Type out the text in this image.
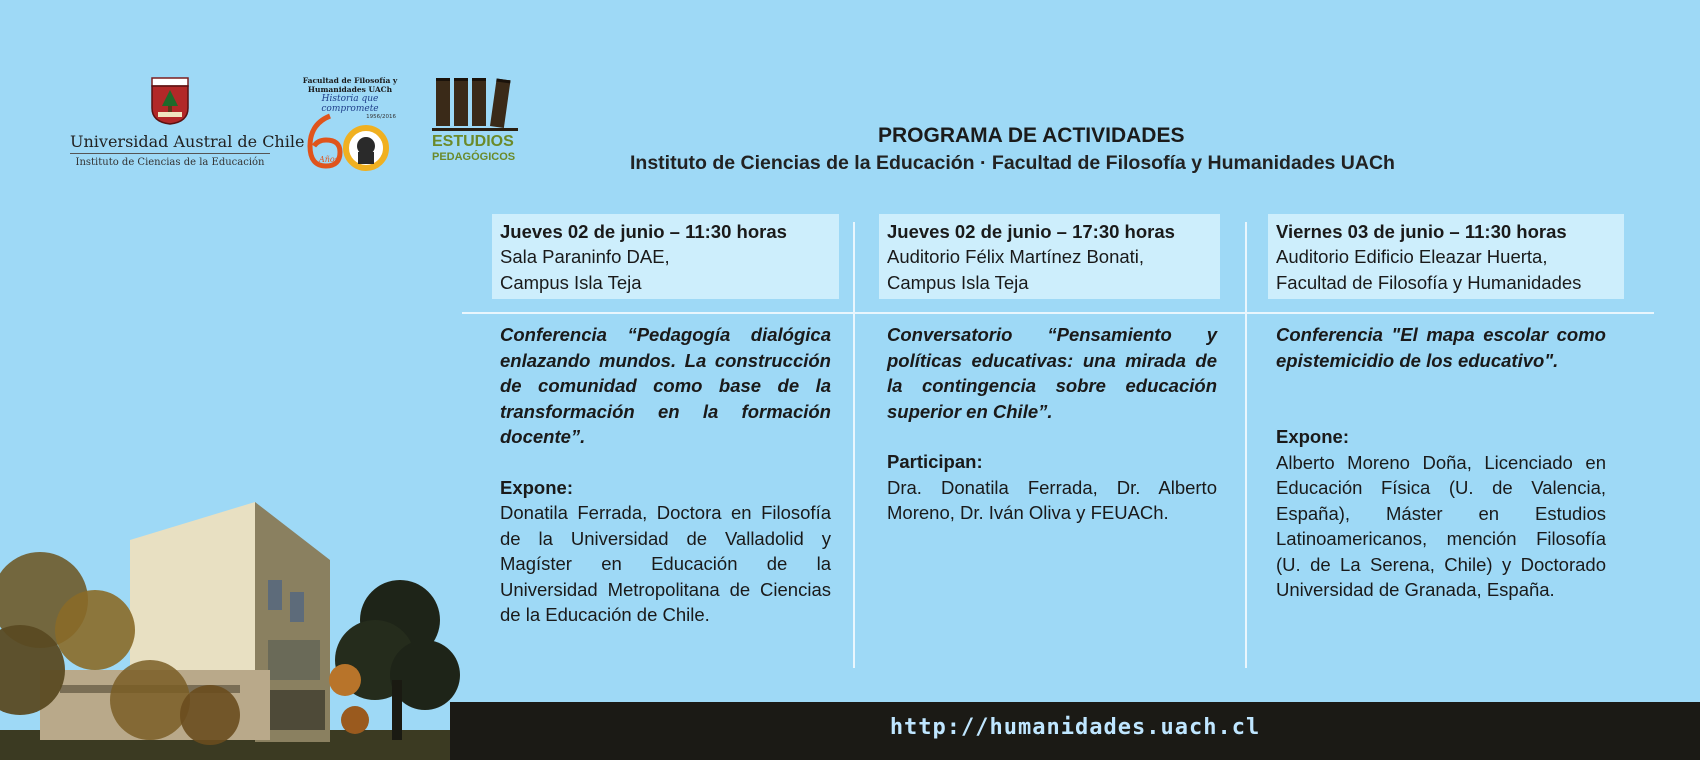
Universidad Austral de Chile
Instituto de Ciencias de la Educación
Facultad de Filosofía y
Humanidades UACh
Historia que compromete
1956/2016
Años
ESTUDIOS
PEDAGÓGICOS
PROGRAMA DE ACTIVIDADES
Instituto de Ciencias de la Educación · Facultad de Filosofía y Humanidades UACh
Jueves 02 de junio – 11:30 horas
Sala Paraninfo DAE,
Campus Isla Teja
Jueves 02 de junio – 17:30 horas
Auditorio Félix Martínez Bonati,
Campus Isla Teja
Viernes 03 de junio – 11:30 horas
Auditorio Edificio Eleazar Huerta,
Facultad de Filosofía y Humanidades
Conferencia “Pedagogía dialógica enlazando mundos. La construcción de comunidad como base de la transformación en la formación docente”.
Expone:
Donatila Ferrada, Doctora en Filosofía de la Universidad de Valladolid y Magíster en Educación de la Universidad Metropolitana de Ciencias de la Educación de Chile.
Conversatorio “Pensamiento y políticas educativas: una mirada de la contingencia sobre educación superior en Chile”.
Participan:
Dra. Donatila Ferrada, Dr. Alberto Moreno, Dr. Iván Oliva y FEUACh.
Conferencia "El mapa escolar como epistemicidio de los educativo".
Expone:
Alberto Moreno Doña, Licenciado en Educación Física (U. de Valencia, España), Máster en Estudios Latinoamericanos, mención Filosofía (U. de La Serena, Chile) y Doctorado Universidad de Granada, España.
http://humanidades.uach.cl
